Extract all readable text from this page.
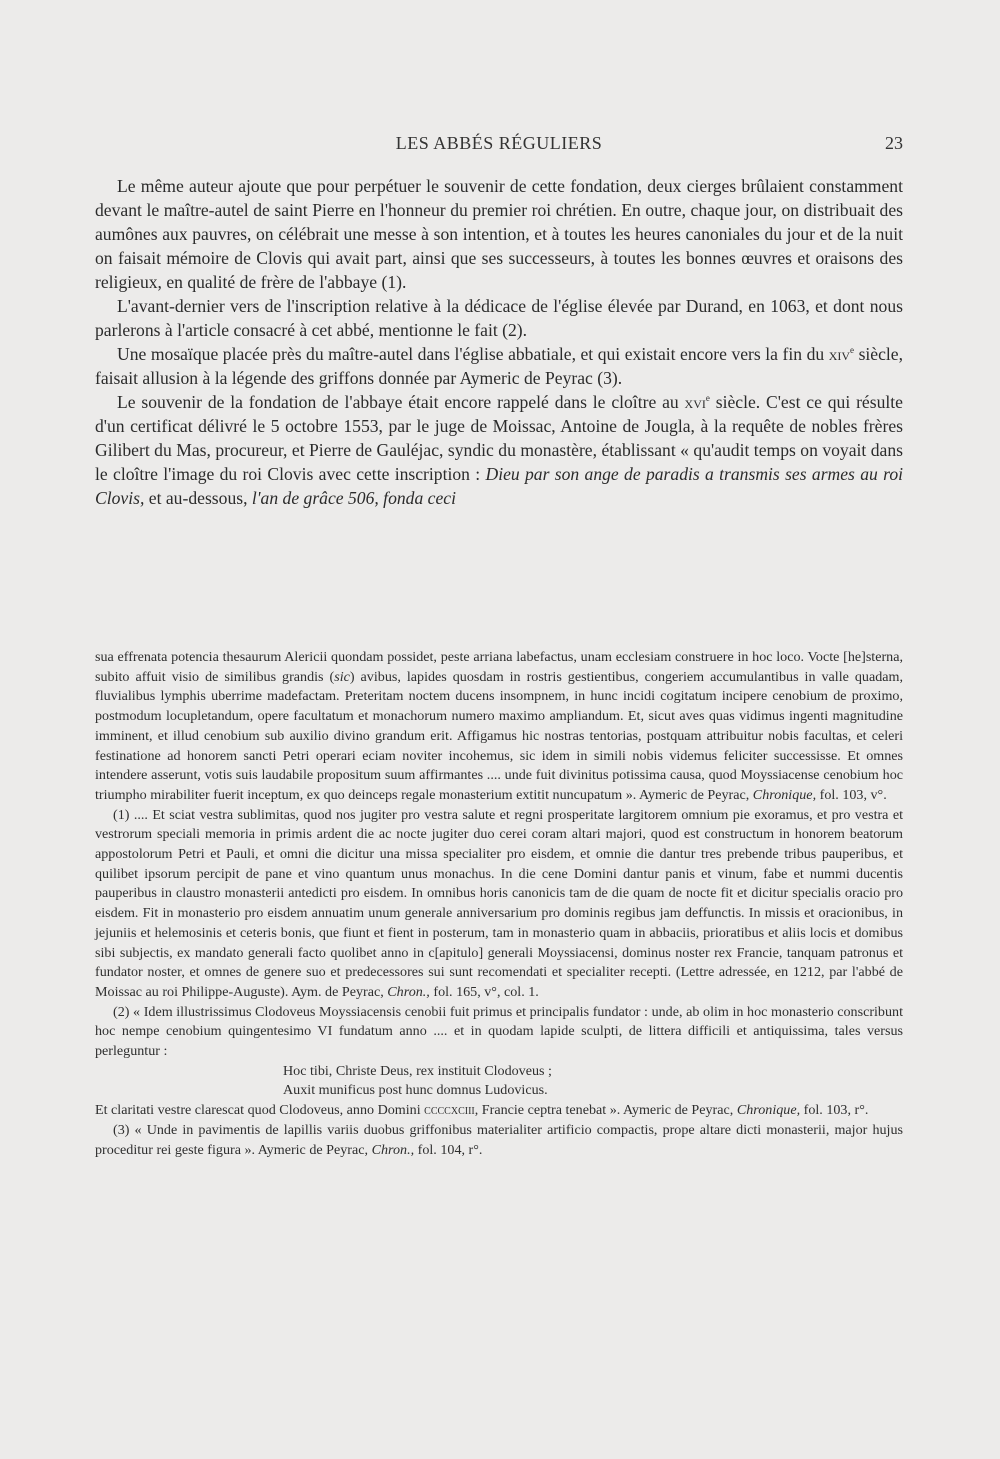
LES ABBÉS RÉGULIERS	23

Le même auteur ajoute que pour perpétuer le souvenir de cette fondation, deux cierges brûlaient constamment devant le maître-autel de saint Pierre en l'honneur du premier roi chrétien. En outre, chaque jour, on distribuait des aumônes aux pauvres, on célébrait une messe à son intention, et à toutes les heures canoniales du jour et de la nuit on faisait mémoire de Clovis qui avait part, ainsi que ses successeurs, à toutes les bonnes œuvres et oraisons des religieux, en qualité de frère de l'abbaye (1).

L'avant-dernier vers de l'inscription relative à la dédicace de l'église élevée par Durand, en 1063, et dont nous parlerons à l'article consacré à cet abbé, mentionne le fait (2).

Une mosaïque placée près du maître-autel dans l'église abbatiale, et qui existait encore vers la fin du xiv$^e$ siècle, faisait allusion à la légende des griffons donnée par Aymeric de Peyrac (3).

Le souvenir de la fondation de l'abbaye était encore rappelé dans le cloître au xvi$^e$ siècle. C'est ce qui résulte d'un certificat délivré le 5 octobre 1553, par le juge de Moissac, Antoine de Jougla, à la requête de nobles frères Gilibert du Mas, procureur, et Pierre de Gauléjac, syndic du monastère, établissant « qu'audit temps on voyait dans le cloître l'image du roi Clovis avec cette inscription : Dieu par son ange de paradis a transmis ses armes au roi Clovis, et au-dessous, l'an de grâce 506, fonda ceci

sua effrenata potencia thesaurum Alericii quondam possidet, peste arriana labefactus, unam ecclesiam construere in hoc loco. Vocte [he]sterna, subito affuit visio de similibus grandis (sic) avibus, lapides quosdam in rostris gestientibus, congeriem accumulantibus in valle quadam, fluvialibus lymphis uberrime madefactam. Preteritam noctem ducens insompnem, in hunc incidi cogitatum incipere cenobium de proximo, postmodum locupletandum, opere facultatum et monachorum numero maximo ampliandum. Et, sicut aves quas vidimus ingenti magnitudine imminent, et illud cenobium sub auxilio divino grandum erit. Affigamus hic nostras tentorias, postquam attribuitur nobis facultas, et celeri festinatione ad honorem sancti Petri operari eciam noviter incohemus, sic idem in simili nobis videmus feliciter successisse. Et omnes intendere asserunt, votis suis laudabile propositum suum affirmantes .... unde fuit divinitus potissima causa, quod Moyssiacense cenobium hoc triumpho mirabiliter fuerit inceptum, ex quo deinceps regale monasterium extitit nuncupatum ». Aymeric de Peyrac, Chronique, fol. 103, v°.

(1) .... Et sciat vestra sublimitas, quod nos jugiter pro vestra salute et regni prosperitate largitorem omnium pie exoramus, et pro vestra et vestrorum speciali memoria in primis ardent die ac nocte jugiter duo cerei coram altari majori, quod est constructum in honorem beatorum appostolorum Petri et Pauli, et omni die dicitur una missa specialiter pro eisdem, et omnie die dantur tres prebende tribus pauperibus, et quilibet ipsorum percipit de pane et vino quantum unus monachus. In die cene Domini dantur panis et vinum, fabe et nummi ducentis pauperibus in claustro monasterii antedicti pro eisdem. In omnibus horis canonicis tam de die quam de nocte fit et dicitur specialis oracio pro eisdem. Fit in monasterio pro eisdem annuatim unum generale anniversarium pro dominis regibus jam deffunctis. In missis et oracionibus, in jejuniis et helemosinis et ceteris bonis, que fiunt et fient in posterum, tam in monasterio quam in abbaciis, prioratibus et aliis locis et domibus sibi subjectis, ex mandato generali facto quolibet anno in c[apitulo] generali Moyssiacensi, dominus noster rex Francie, tanquam patronus et fundator noster, et omnes de genere suo et predecessores sui sunt recomendati et specialiter recepti. (Lettre adressée, en 1212, par l'abbé de Moissac au roi Philippe-Auguste). Aym. de Peyrac, Chron., fol. 165, v°, col. 1.

(2) « Idem illustrissimus Clodoveus Moyssiacensis cenobii fuit primus et principalis fundator : unde, ab olim in hoc monasterio conscribunt hoc nempe cenobium quingentesimo VI fundatum anno .... et in quodam lapide sculpti, de littera difficili et antiquissima, tales versus perleguntur :

Hoc tibi, Christe Deus, rex instituit Clodoveus ;
Auxit munificus post hunc domnus Ludovicus.

Et claritati vestre clarescat quod Clodoveus, anno Domini ccccxciii, Francie ceptra tenebat ». Aymeric de Peyrac, Chronique, fol. 103, r°.

(3) « Unde in pavimentis de lapillis variis duobus griffonibus materialiter artificio compactis, prope altare dicti monasterii, major hujus proceditur rei geste figura ». Aymeric de Peyrac, Chron., fol. 104, r°.
